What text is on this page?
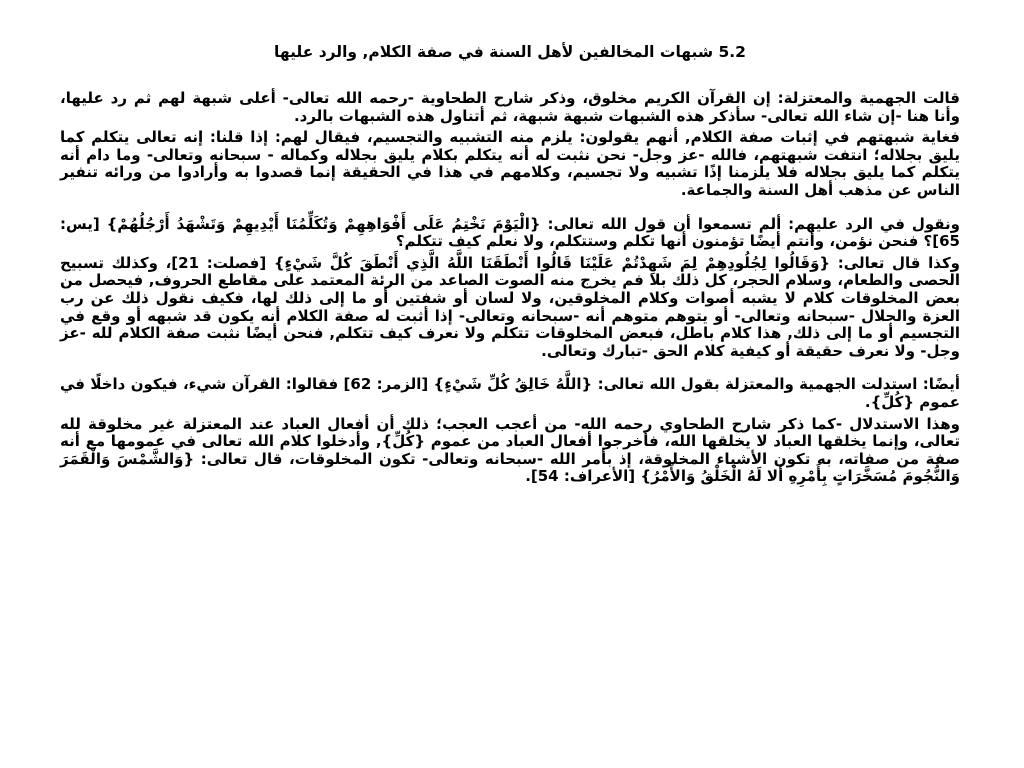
5.2 شبهات المخالفين لأهل السنة في صفة الكلام, والرد عليها

قالت الجهمية والمعتزلة: إن القرآن الكريم مخلوق، وذكر شارح الطحاوية -رحمه الله تعالى- أعلى شبهة لهم ثم رد عليها، وأنا هنا -إن شاء الله تعالى- سأذكر هذه الشبهات شبهة شبهة، ثم أتناول هذه الشبهات بالرد.

فغاية شبهتهم في إثبات صفة الكلام, أنهم يقولون: يلزم منه التشبيه والتجسيم، فيقال لهم: إذا قلنا: إنه تعالى يتكلم كما يليق بجلاله؛ انتفت شبهتهم، فالله -عز وجل- نحن نثبت له أنه يتكلم بكلام يليق بجلاله وكماله - سبحانه وتعالى- وما دام أنه يتكلم كما يليق بجلاله فلا يلزمنا إذًا تشبيه ولا تجسيم، وكلامهم في هذا في الحقيقة إنما قصدوا به وأرادوا من ورائه تنفير الناس عن مذهب أهل السنة والجماعة.

ونقول في الرد عليهم: ألم تسمعوا أن قول الله تعالى: {الْيَوْمَ نَخْتِمُ عَلَى أَفْوَاهِهِمْ وَتُكَلِّمُنَا أَيْدِيهِمْ وَتَشْهَدُ أَرْجُلُهُمْ} [يس: 65]؟ فنحن نؤمن، وأنتم أيضًا تؤمنون أنها تكلم وستتكلم، ولا نعلم كيف تتكلم؟

وكذا قال تعالى: {وَقَالُوا لِجُلُودِهِمْ لِمَ شَهِدْتُمْ عَلَيْنَا قَالُوا أَنْطَقَنَا اللَّهُ الَّذِي أَنْطَقَ كُلَّ شَيْءٍ} [فصلت: 21]، وكذلك تسبيح الحصى والطعام، وسلام الحجر، كل ذلك بلا فم يخرج منه الصوت الصاعد من الرئة المعتمد على مقاطع الحروف, فيحصل من بعض المخلوقات كلام لا يشبه أصوات وكلام المخلوقين، ولا لسان أو شفتين أو ما إلى ذلك لها، فكيف نقول ذلك عن رب العزة والجلال -سبحانه وتعالى- أو يتوهم متوهم أنه -سبحانه وتعالى- إذا أثبت له صفة الكلام أنه يكون قد شبهه أو وقع في التجسيم أو ما إلى ذلك, هذا كلام باطل، فبعض المخلوقات تتكلم ولا نعرف كيف تتكلم, فنحن أيضًا نثبت صفة الكلام لله -عز وجل- ولا نعرف حقيقة أو كيفية كلام الحق -تبارك وتعالى.

أيضًا: استدلت الجهمية والمعتزلة بقول الله تعالى: {اللَّهُ خَالِقُ كُلِّ شَيْءٍ} [الزمر: 62] فقالوا: القرآن شيء، فيكون داخلًا في عموم {كُلِّ}.

وهذا الاستدلال -كما ذكر شارح الطحاوي رحمه الله- من أعجب العجب؛ ذلك أن أفعال العباد عند المعتزلة غير مخلوقة لله تعالى، وإنما يخلقها العباد لا يخلقها الله، فأخرجوا أفعال العباد من عموم {كُلِّ}, وأدخلوا كلام الله تعالى في عمومها مع أنه صفة من صفاته، به تكون الأشياء المخلوقة، إذ بأمر الله -سبحانه وتعالى- تكون المخلوقات، قال تعالى: {وَالشَّمْسَ وَالْقَمَرَ وَالنُّجُومَ مُسَخَّرَاتٍ بِأَمْرِهِ أَلا لَهُ الْخَلْقُ وَالأَمْرُ} [الأعراف: 54].
